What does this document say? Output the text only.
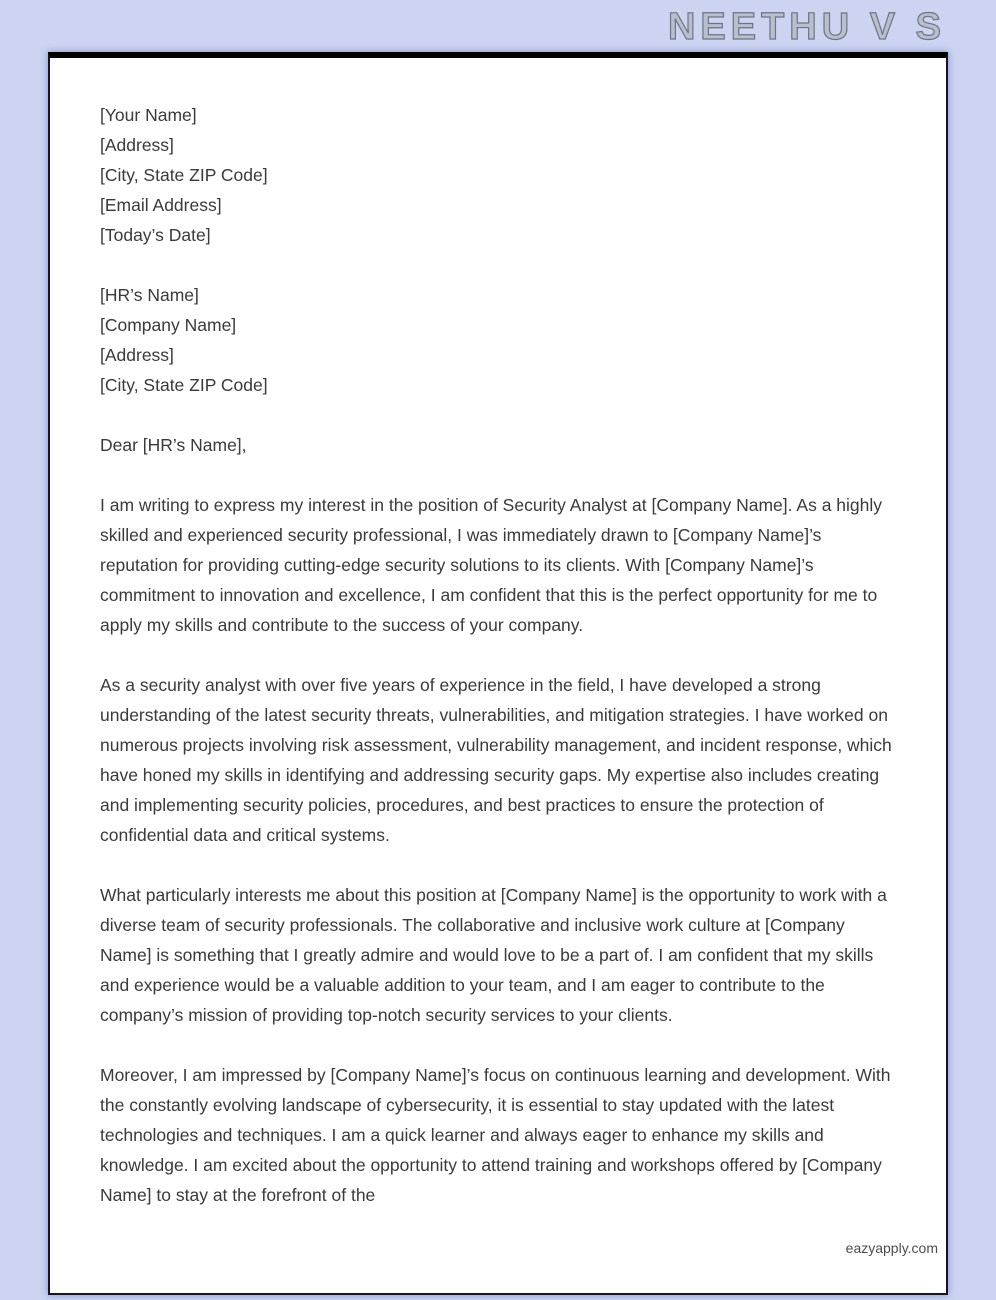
NEETHU V S
[Your Name]
[Address]
[City, State ZIP Code]
[Email Address]
[Today’s Date]
[HR’s Name]
[Company Name]
[Address]
[City, State ZIP Code]
Dear [HR’s Name],
I am writing to express my interest in the position of Security Analyst at [Company Name]. As a highly skilled and experienced security professional, I was immediately drawn to [Company Name]’s reputation for providing cutting-edge security solutions to its clients. With [Company Name]’s commitment to innovation and excellence, I am confident that this is the perfect opportunity for me to apply my skills and contribute to the success of your company.
As a security analyst with over five years of experience in the field, I have developed a strong understanding of the latest security threats, vulnerabilities, and mitigation strategies. I have worked on numerous projects involving risk assessment, vulnerability management, and incident response, which have honed my skills in identifying and addressing security gaps. My expertise also includes creating and implementing security policies, procedures, and best practices to ensure the protection of confidential data and critical systems.
What particularly interests me about this position at [Company Name] is the opportunity to work with a diverse team of security professionals. The collaborative and inclusive work culture at [Company Name] is something that I greatly admire and would love to be a part of. I am confident that my skills and experience would be a valuable addition to your team, and I am eager to contribute to the company’s mission of providing top-notch security services to your clients.
Moreover, I am impressed by [Company Name]’s focus on continuous learning and development. With the constantly evolving landscape of cybersecurity, it is essential to stay updated with the latest technologies and techniques. I am a quick learner and always eager to enhance my skills and knowledge. I am excited about the opportunity to attend training and workshops offered by [Company Name] to stay at the forefront of the
eazyapply.com
